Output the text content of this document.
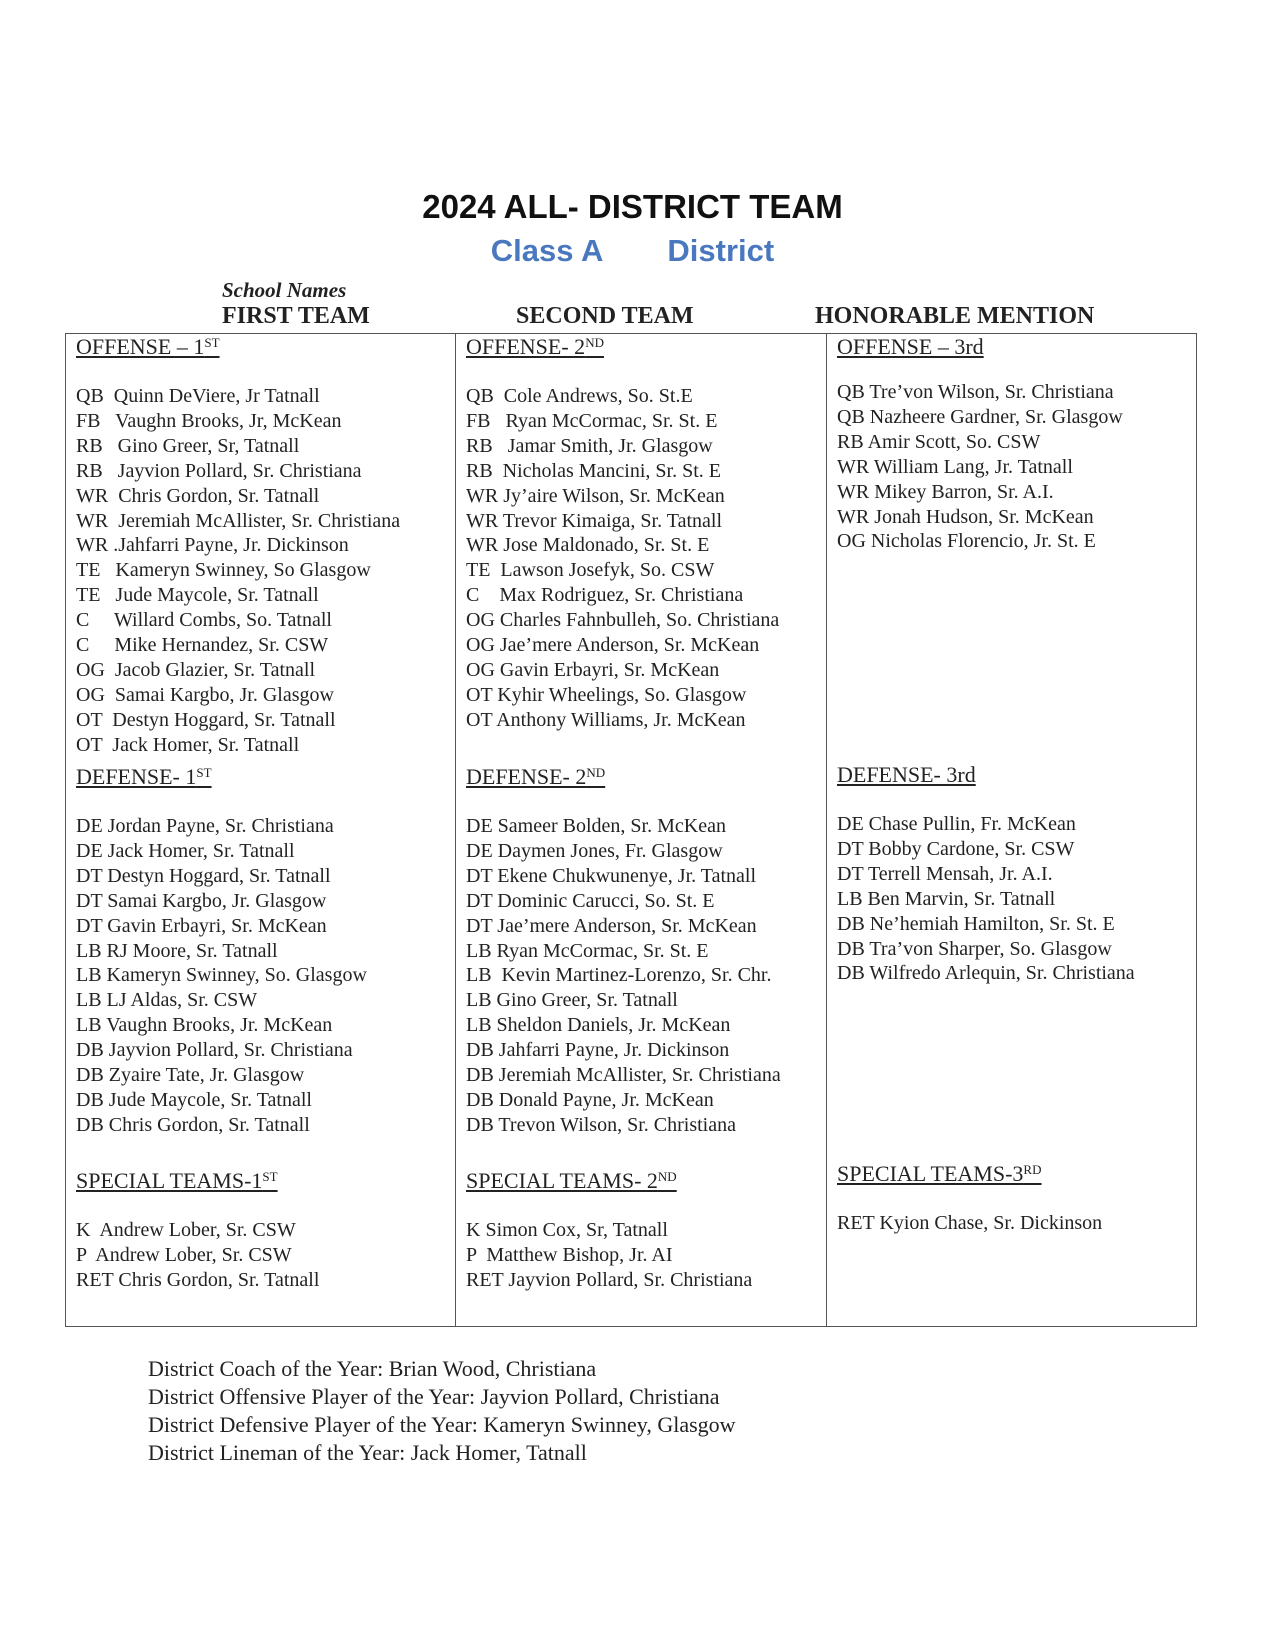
2024 ALL- DISTRICT TEAM
Class A District
School Names
FIRST TEAM	SECOND TEAM	HONORABLE MENTION
OFFENSE – 1ST
QB  Quinn DeViere, Jr Tatnall
FB   Vaughn Brooks, Jr, McKean
RB   Gino Greer, Sr, Tatnall
RB   Jayvion Pollard, Sr. Christiana
WR  Chris Gordon, Sr. Tatnall
WR  Jeremiah McAllister, Sr. Christiana
WR .Jahfarri Payne, Jr. Dickinson
TE   Kameryn Swinney, So Glasgow
TE   Jude Maycole, Sr. Tatnall
C     Willard Combs, So. Tatnall
C     Mike Hernandez, Sr. CSW
OG  Jacob Glazier, Sr. Tatnall
OG  Samai Kargbo, Jr. Glasgow
OT  Destyn Hoggard, Sr. Tatnall
OT  Jack Homer, Sr. Tatnall
DEFENSE- 1ST
DE Jordan Payne, Sr. Christiana
DE Jack Homer, Sr. Tatnall
DT Destyn Hoggard, Sr. Tatnall
DT Samai Kargbo, Jr. Glasgow
DT Gavin Erbayri, Sr. McKean
LB RJ Moore, Sr. Tatnall
LB Kameryn Swinney, So. Glasgow
LB LJ Aldas, Sr. CSW
LB Vaughn Brooks, Jr. McKean
DB Jayvion Pollard, Sr. Christiana
DB Zyaire Tate, Jr. Glasgow
DB Jude Maycole, Sr. Tatnall
DB Chris Gordon, Sr. Tatnall
SPECIAL TEAMS-1ST
K  Andrew Lober, Sr. CSW
P  Andrew Lober, Sr. CSW
RET Chris Gordon, Sr. Tatnall
OFFENSE- 2ND
QB  Cole Andrews, So. St.E
FB   Ryan McCormac, Sr. St. E
RB   Jamar Smith, Jr. Glasgow
RB  Nicholas Mancini, Sr. St. E
WR Jy’aire Wilson, Sr. McKean
WR Trevor Kimaiga, Sr. Tatnall
WR Jose Maldonado, Sr. St. E
TE  Lawson Josefyk, So. CSW
C    Max Rodriguez, Sr. Christiana
OG Charles Fahnbulleh, So. Christiana
OG Jae’mere Anderson, Sr. McKean
OG Gavin Erbayri, Sr. McKean
OT Kyhir Wheelings, So. Glasgow
OT Anthony Williams, Jr. McKean
DEFENSE- 2ND
DE Sameer Bolden, Sr. McKean
DE Daymen Jones, Fr. Glasgow
DT Ekene Chukwunenye, Jr. Tatnall
DT Dominic Carucci, So. St. E
DT Jae’mere Anderson, Sr. McKean
LB Ryan McCormac, Sr. St. E
LB  Kevin Martinez-Lorenzo, Sr. Chr.
LB Gino Greer, Sr. Tatnall
LB Sheldon Daniels, Jr. McKean
DB Jahfarri Payne, Jr. Dickinson
DB Jeremiah McAllister, Sr. Christiana
DB Donald Payne, Jr. McKean
DB Trevon Wilson, Sr. Christiana
SPECIAL TEAMS- 2ND
K Simon Cox, Sr, Tatnall
P  Matthew Bishop, Jr. AI
RET Jayvion Pollard, Sr. Christiana
OFFENSE – 3rd
QB Tre’von Wilson, Sr. Christiana
QB Nazheere Gardner, Sr. Glasgow
RB Amir Scott, So. CSW
WR William Lang, Jr. Tatnall
WR Mikey Barron, Sr. A.I.
WR Jonah Hudson, Sr. McKean
OG Nicholas Florencio, Jr. St. E
DEFENSE- 3rd
DE Chase Pullin, Fr. McKean
DT Bobby Cardone, Sr. CSW
DT Terrell Mensah, Jr. A.I.
LB Ben Marvin, Sr. Tatnall
DB Ne’hemiah Hamilton, Sr. St. E
DB Tra’von Sharper, So. Glasgow
DB Wilfredo Arlequin, Sr. Christiana
SPECIAL TEAMS-3RD
RET Kyion Chase, Sr. Dickinson
District Coach of the Year: Brian Wood, Christiana
District Offensive Player of the Year: Jayvion Pollard, Christiana
District Defensive Player of the Year: Kameryn Swinney, Glasgow
District Lineman of the Year: Jack Homer, Tatnall
